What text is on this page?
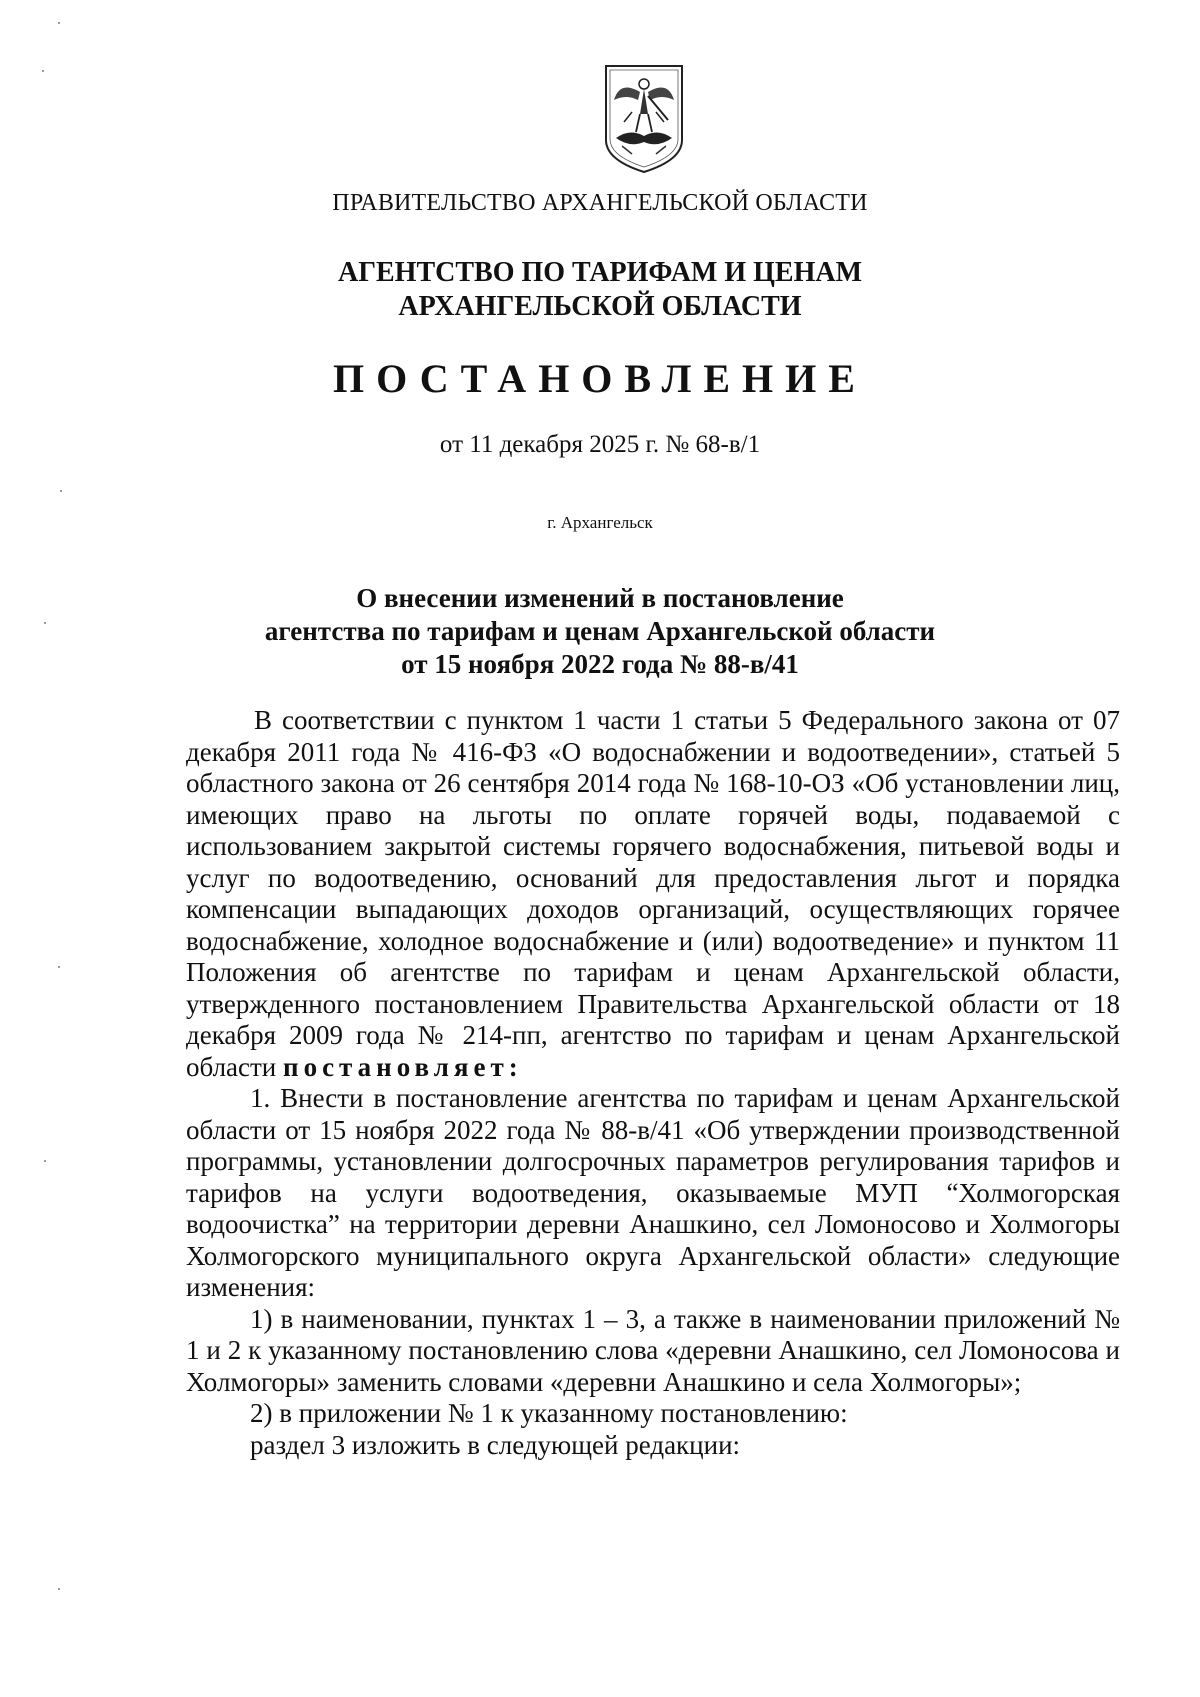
ПРАВИТЕЛЬСТВО АРХАНГЕЛЬСКОЙ ОБЛАСТИ
АГЕНТСТВО ПО ТАРИФАМ И ЦЕНАМ
АРХАНГЕЛЬСКОЙ ОБЛАСТИ
ПОСТАНОВЛЕНИЕ
от 11 декабря 2025 г. № 68-в/1
г. Архангельск
О внесении изменений в постановление
агентства по тарифам и ценам Архангельской области
от 15 ноября 2022 года № 88-в/41

В соответствии с пунктом 1 части 1 статьи 5 Федерального закона от 07 декабря 2011 года № 416-ФЗ «О водоснабжении и водоотведении», статьей 5 областного закона от 26 сентября 2014 года № 168-10-ОЗ «Об установлении лиц, имеющих право на льготы по оплате горячей воды, подаваемой с использованием закрытой системы горячего водоснабжения, питьевой воды и услуг по водоотведению, оснований для предоставления льгот и порядка компенсации выпадающих доходов организаций, осуществляющих горячее водоснабжение, холодное водоснабжение и (или) водоотведение» и пунктом 11 Положения об агентстве по тарифам и ценам Архангельской области, утвержденного постановлением Правительства Архангельской области от 18 декабря 2009 года № 214-пп, агентство по тарифам и ценам Архангельской области постановляет:

1. Внести в постановление агентства по тарифам и ценам Архангельской области от 15 ноября 2022 года № 88-в/41 «Об утверждении производственной программы, установлении долгосрочных параметров регулирования тарифов и тарифов на услуги водоотведения, оказываемые МУП “Холмогорская водоочистка” на территории деревни Анашкино, сел Ломоносово и Холмогоры Холмогорского муниципального округа Архангельской области» следующие изменения:

1) в наименовании, пунктах 1 – 3, а также в наименовании приложений № 1 и 2 к указанному постановлению слова «деревни Анашкино, сел Ломоносова и Холмогоры» заменить словами «деревни Анашкино и села Холмогоры»;

2) в приложении № 1 к указанному постановлению:

раздел 3 изложить в следующей редакции:
